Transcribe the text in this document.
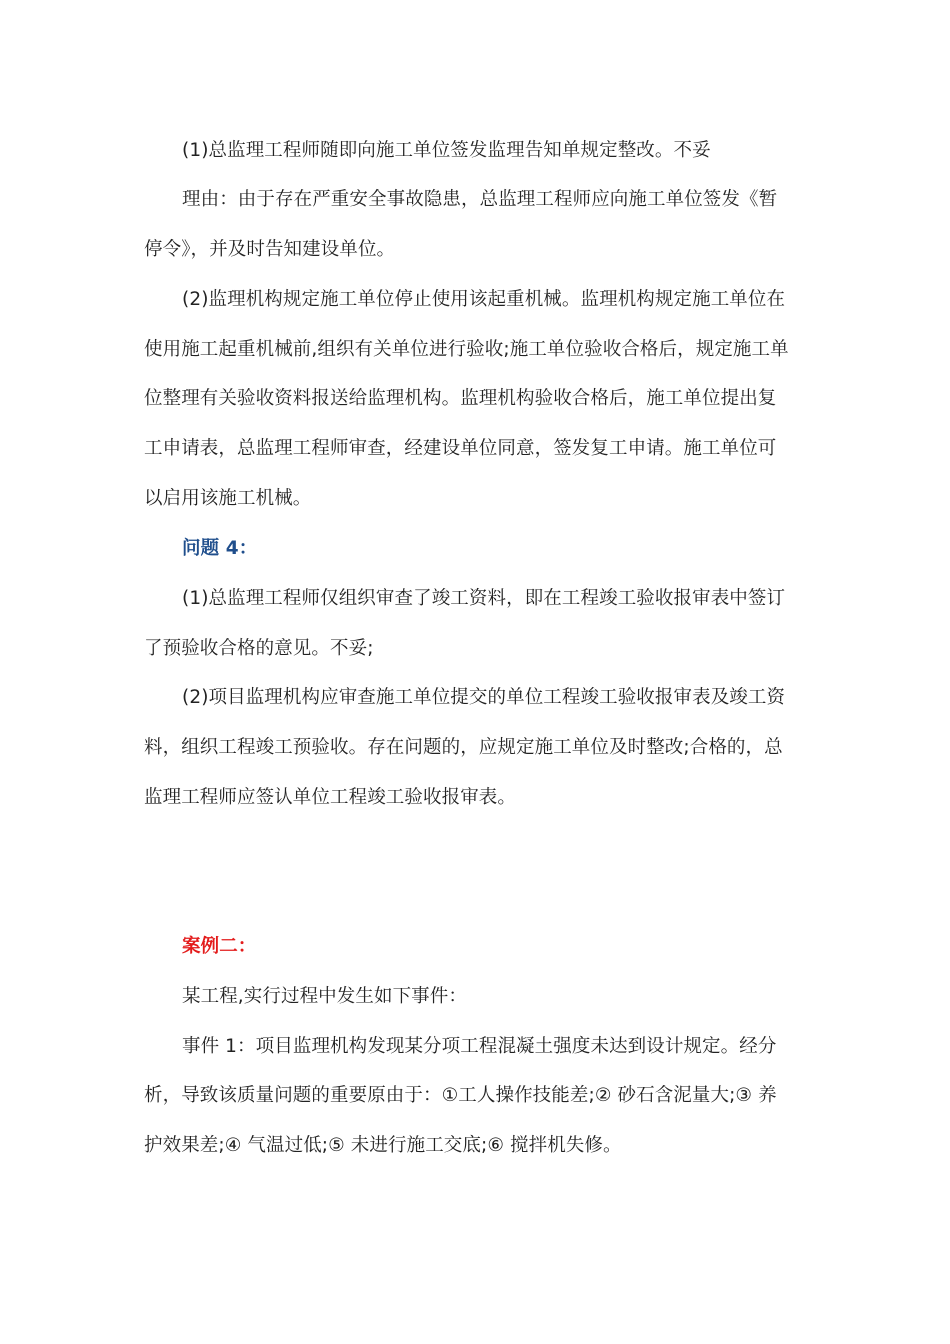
(1)总监理工程师随即向施工单位签发监理告知单规定整改。不妥
理由：由于存在严重安全事故隐患，总监理工程师应向施工单位签发《暂
停令》，并及时告知建设单位。
(2)监理机构规定施工单位停止使用该起重机械。监理机构规定施工单位在
使用施工起重机械前,组织有关单位进行验收;施工单位验收合格后，规定施工单
位整理有关验收资料报送给监理机构。监理机构验收合格后，施工单位提出复
工申请表，总监理工程师审查，经建设单位同意，签发复工申请。施工单位可
以启用该施工机械。
问题 4：
(1)总监理工程师仅组织审查了竣工资料，即在工程竣工验收报审表中签订
了预验收合格的意见。不妥;
(2)项目监理机构应审查施工单位提交的单位工程竣工验收报审表及竣工资
料，组织工程竣工预验收。存在问题的，应规定施工单位及时整改;合格的，总
监理工程师应签认单位工程竣工验收报审表。
案例二：
某工程,实行过程中发生如下事件：
事件 1：项目监理机构发现某分项工程混凝土强度未达到设计规定。经分
析，导致该质量问题的重要原由于：①工人操作技能差;② 砂石含泥量大;③ 养
护效果差;④ 气温过低;⑤ 未进行施工交底;⑥ 搅拌机失修。
